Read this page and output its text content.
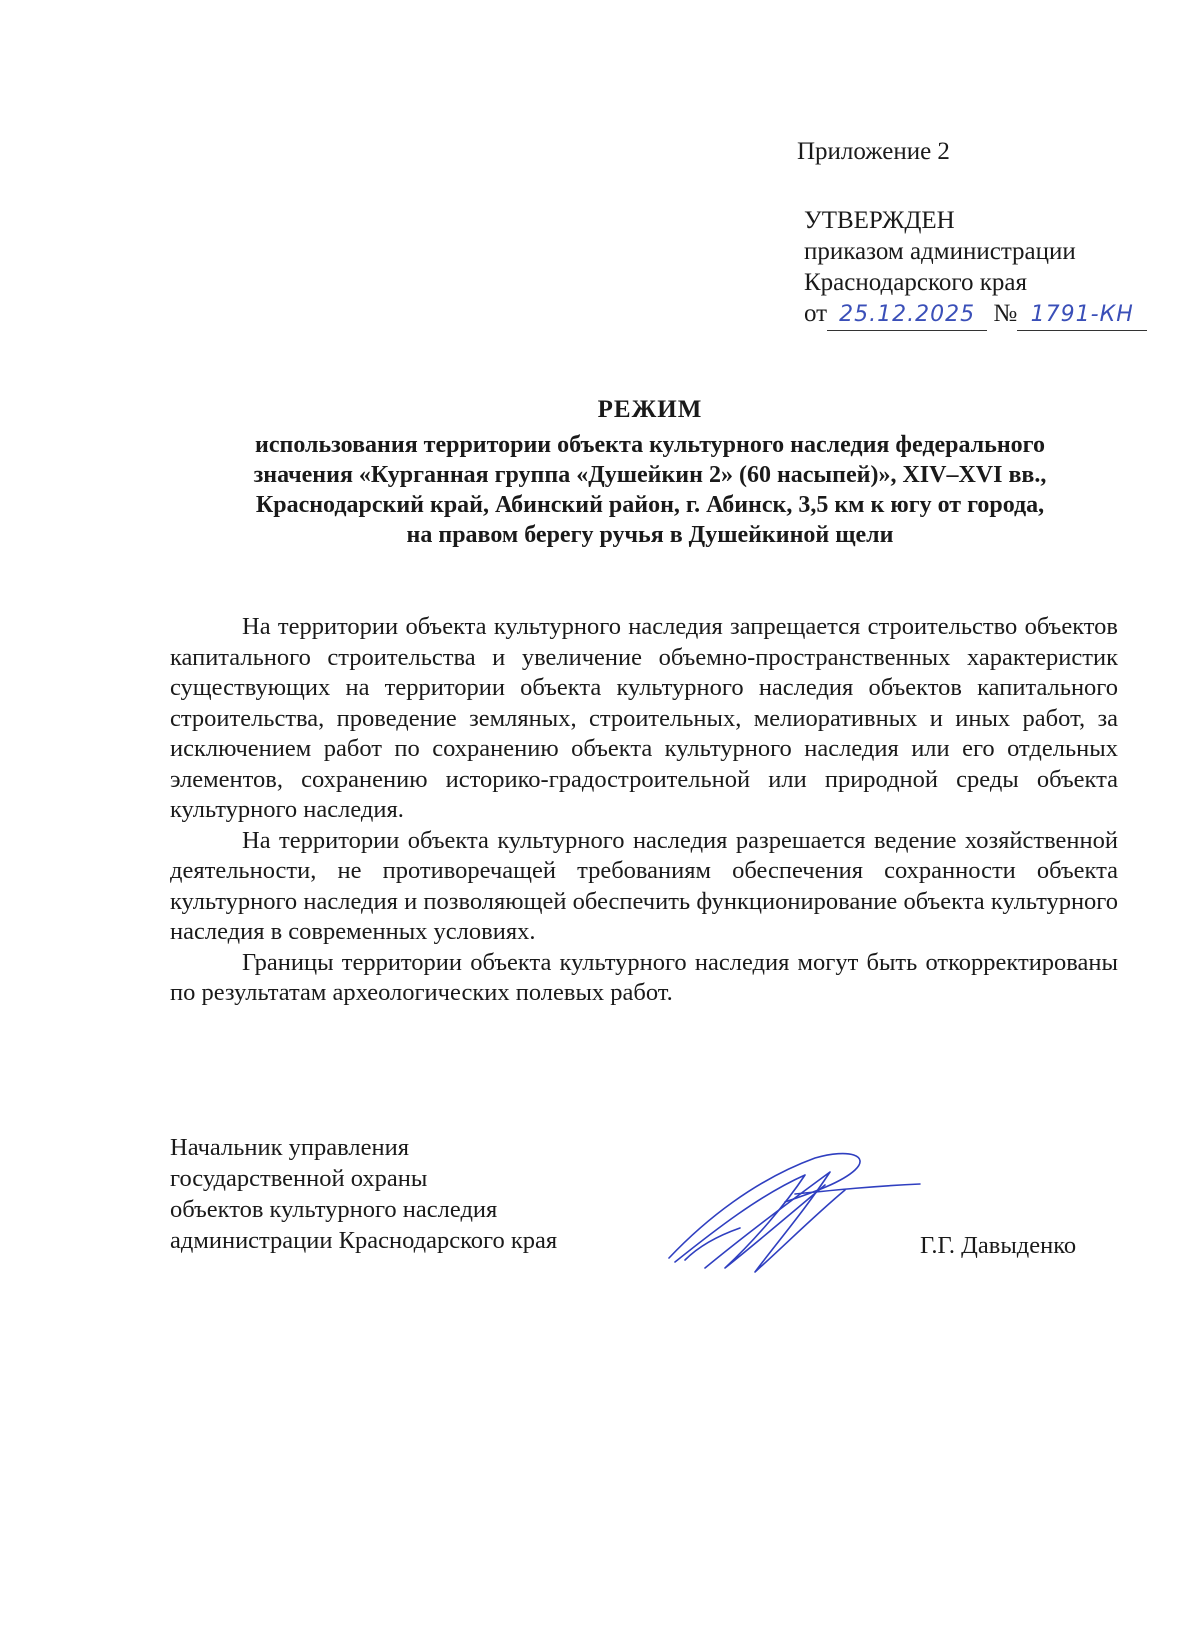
Приложение 2
УТВЕРЖДЕН
приказом администрации
Краснодарского края
от 25.12.2025 № 1791-КН
РЕЖИМ
использования территории объекта культурного наследия федерального
значения «Курганная группа «Душейкин 2» (60 насыпей)», XIV–XVI вв.,
Краснодарский край, Абинский район, г. Абинск, 3,5 км к югу от города,
на правом берегу ручья в Душейкиной щели

На территории объекта культурного наследия запрещается строительство объектов капитального строительства и увеличение объемно-пространственных характеристик существующих на территории объекта культурного наследия объектов капитального строительства, проведение земляных, строительных, мелиоративных и иных работ, за исключением работ по сохранению объекта культурного наследия или его отдельных элементов, сохранению историко-градостроительной или природной среды объекта культурного наследия.

На территории объекта культурного наследия разрешается ведение хозяйственной деятельности, не противоречащей требованиям обеспечения сохранности объекта культурного наследия и позволяющей обеспечить функционирование объекта культурного наследия в современных условиях.

Границы территории объекта культурного наследия могут быть откорректированы по результатам археологических полевых работ.

Начальник управления
государственной охраны
объектов культурного наследия
администрации Краснодарского края	Г.Г. Давыденко
